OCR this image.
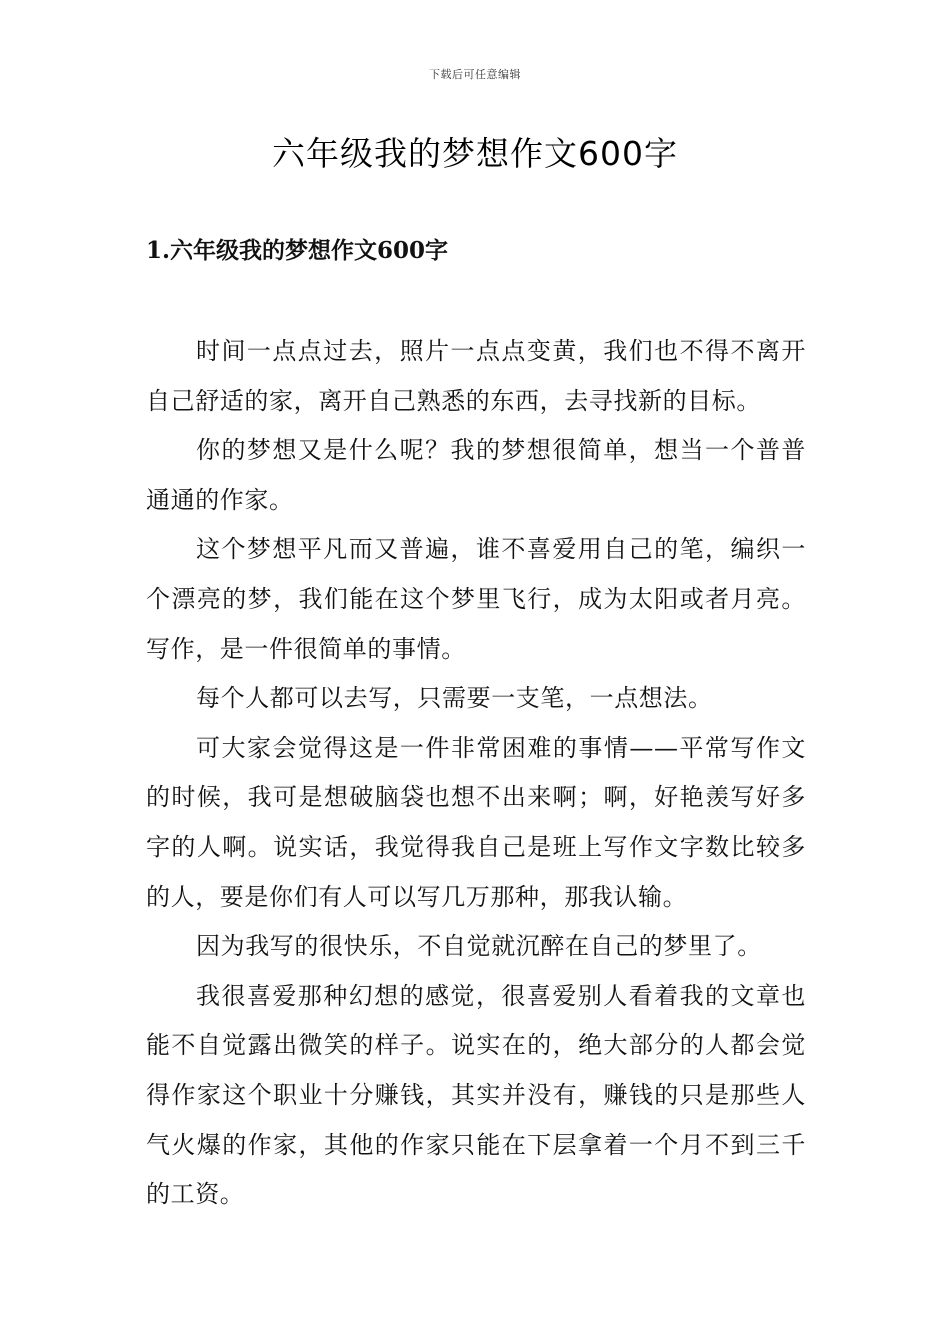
下载后可任意编辑
六年级我的梦想作文600字
1.六年级我的梦想作文600字

时间一点点过去，照片一点点变黄，我们也不得不离开自己舒适的家，离开自己熟悉的东西，去寻找新的目标。

你的梦想又是什么呢？我的梦想很简单，想当一个普普通通的作家。

这个梦想平凡而又普遍，谁不喜爱用自己的笔，编织一个漂亮的梦，我们能在这个梦里飞行，成为太阳或者月亮。写作，是一件很简单的事情。

每个人都可以去写，只需要一支笔，一点想法。

可大家会觉得这是一件非常困难的事情——平常写作文的时候，我可是想破脑袋也想不出来啊；啊，好艳羡写好多字的人啊。说实话，我觉得我自己是班上写作文字数比较多的人，要是你们有人可以写几万那种，那我认输。

因为我写的很快乐，不自觉就沉醉在自己的梦里了。

我很喜爱那种幻想的感觉，很喜爱别人看着我的文章也能不自觉露出微笑的样子。说实在的，绝大部分的人都会觉得作家这个职业十分赚钱，其实并没有，赚钱的只是那些人气火爆的作家，其他的作家只能在下层拿着一个月不到三千的工资。
